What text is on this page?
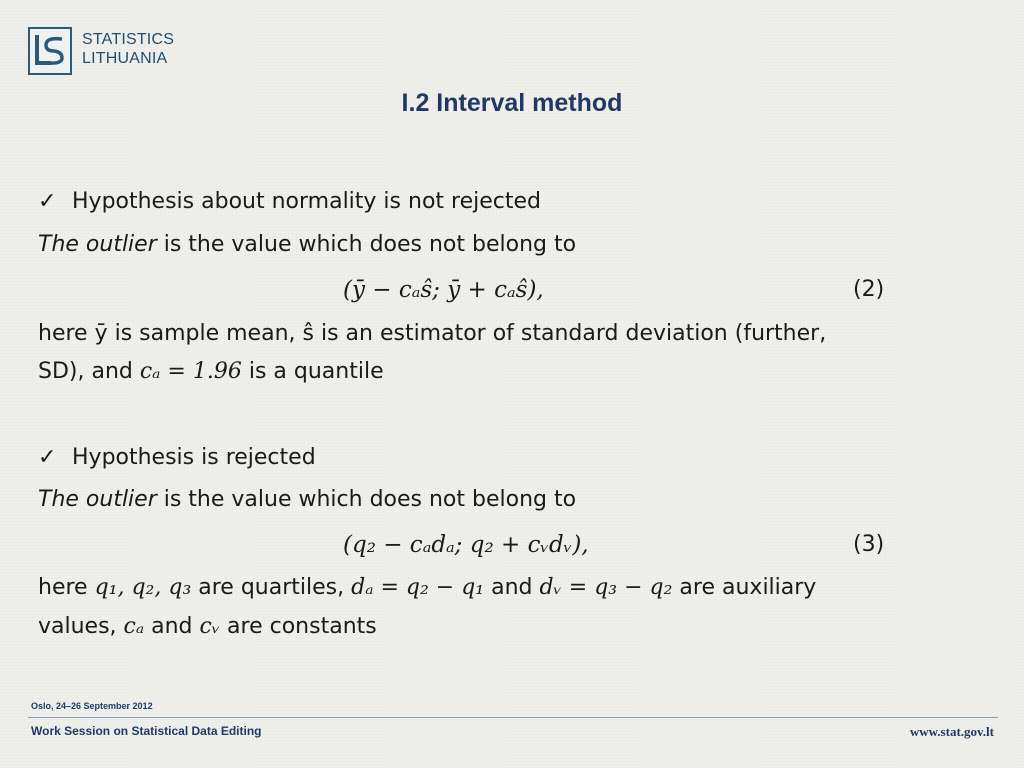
STATISTICS
LITHUANIA
I.2 Interval method
✓ Hypothesis about normality is not rejected
The outlier is the value which does not belong to
(ȳ − cₐŝ; ȳ + cₐŝ),	(2)
here ȳ is sample mean, ŝ is an estimator of standard deviation (further,
SD), and cₐ = 1.96 is a quantile
✓ Hypothesis is rejected
The outlier is the value which does not belong to
(q₂ − cₐdₐ; q₂ + cᵥdᵥ),	(3)
here q₁, q₂, q₃ are quartiles, dₐ = q₂ − q₁ and dᵥ = q₃ − q₂ are auxiliary
values, cₐ and cᵥ are constants
Oslo, 24–26 September 2012
Work Session on Statistical Data Editing	www.stat.gov.lt
